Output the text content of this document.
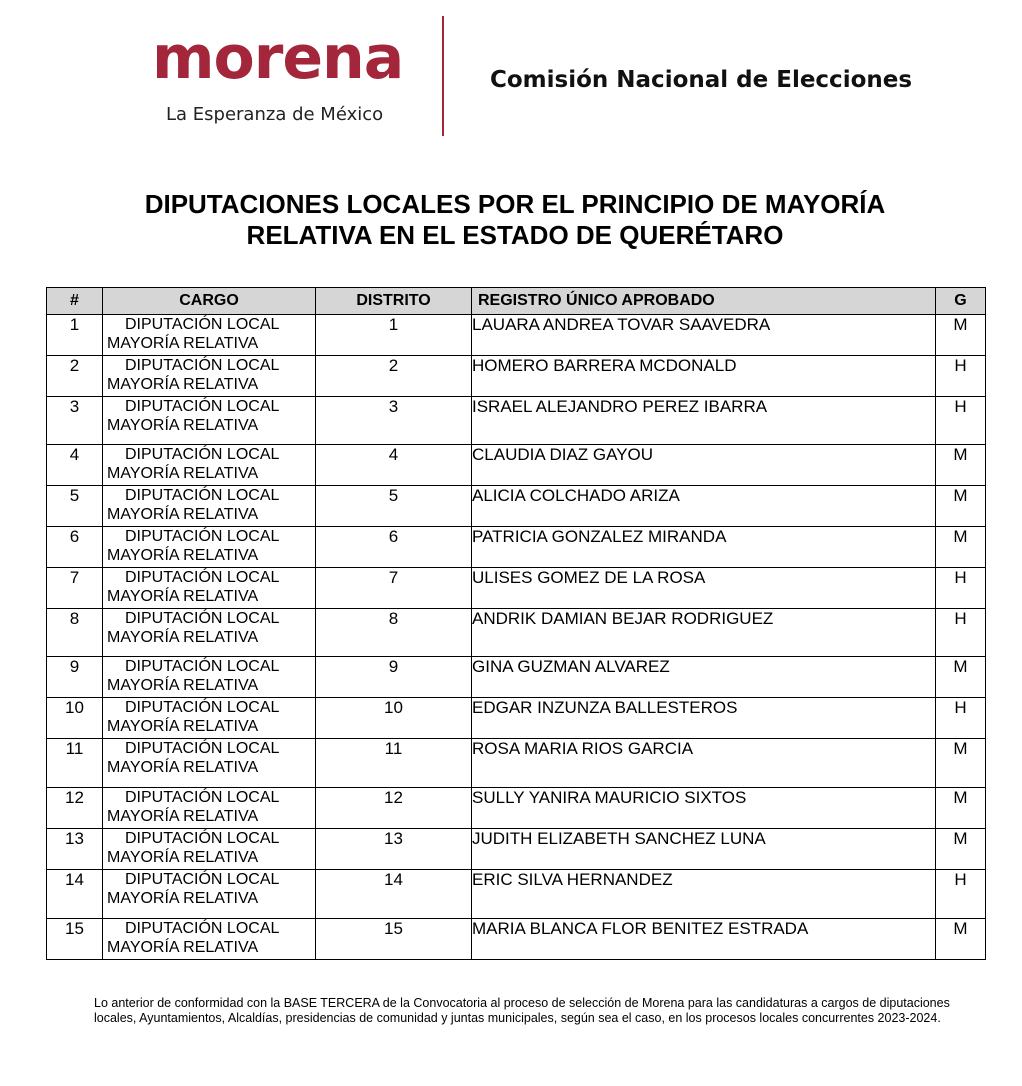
morena
La Esperanza de México
Comisión Nacional de Elecciones
DIPUTACIONES LOCALES POR EL PRINCIPIO DE MAYORÍA
RELATIVA EN EL ESTADO DE QUERÉTARO
#	CARGO	DISTRITO	REGISTRO ÚNICO APROBADO	G
1	DIPUTACIÓN LOCAL
MAYORÍA RELATIVA	1	LAUARA ANDREA TOVAR SAAVEDRA	M
2	DIPUTACIÓN LOCAL
MAYORÍA RELATIVA	2	HOMERO BARRERA MCDONALD	H
3	DIPUTACIÓN LOCAL
MAYORÍA RELATIVA	3	ISRAEL ALEJANDRO PEREZ IBARRA	H
4	DIPUTACIÓN LOCAL
MAYORÍA RELATIVA	4	CLAUDIA DIAZ GAYOU	M
5	DIPUTACIÓN LOCAL
MAYORÍA RELATIVA	5	ALICIA COLCHADO ARIZA	M
6	DIPUTACIÓN LOCAL
MAYORÍA RELATIVA	6	PATRICIA GONZALEZ MIRANDA	M
7	DIPUTACIÓN LOCAL
MAYORÍA RELATIVA	7	ULISES GOMEZ DE LA ROSA	H
8	DIPUTACIÓN LOCAL
MAYORÍA RELATIVA	8	ANDRIK DAMIAN BEJAR RODRIGUEZ	H
9	DIPUTACIÓN LOCAL
MAYORÍA RELATIVA	9	GINA GUZMAN ALVAREZ	M
10	DIPUTACIÓN LOCAL
MAYORÍA RELATIVA	10	EDGAR INZUNZA BALLESTEROS	H
11	DIPUTACIÓN LOCAL
MAYORÍA RELATIVA	11	ROSA MARIA RIOS GARCIA	M
12	DIPUTACIÓN LOCAL
MAYORÍA RELATIVA	12	SULLY YANIRA MAURICIO SIXTOS	M
13	DIPUTACIÓN LOCAL
MAYORÍA RELATIVA	13	JUDITH ELIZABETH SANCHEZ LUNA	M
14	DIPUTACIÓN LOCAL
MAYORÍA RELATIVA	14	ERIC SILVA HERNANDEZ	H
15	DIPUTACIÓN LOCAL
MAYORÍA RELATIVA	15	MARIA BLANCA FLOR BENITEZ ESTRADA	M
Lo anterior de conformidad con la BASE TERCERA de la Convocatoria al proceso de selección de Morena para las candidaturas a cargos de diputaciones locales, Ayuntamientos, Alcaldías, presidencias de comunidad y juntas municipales, según sea el caso, en los procesos locales concurrentes 2023-2024.
